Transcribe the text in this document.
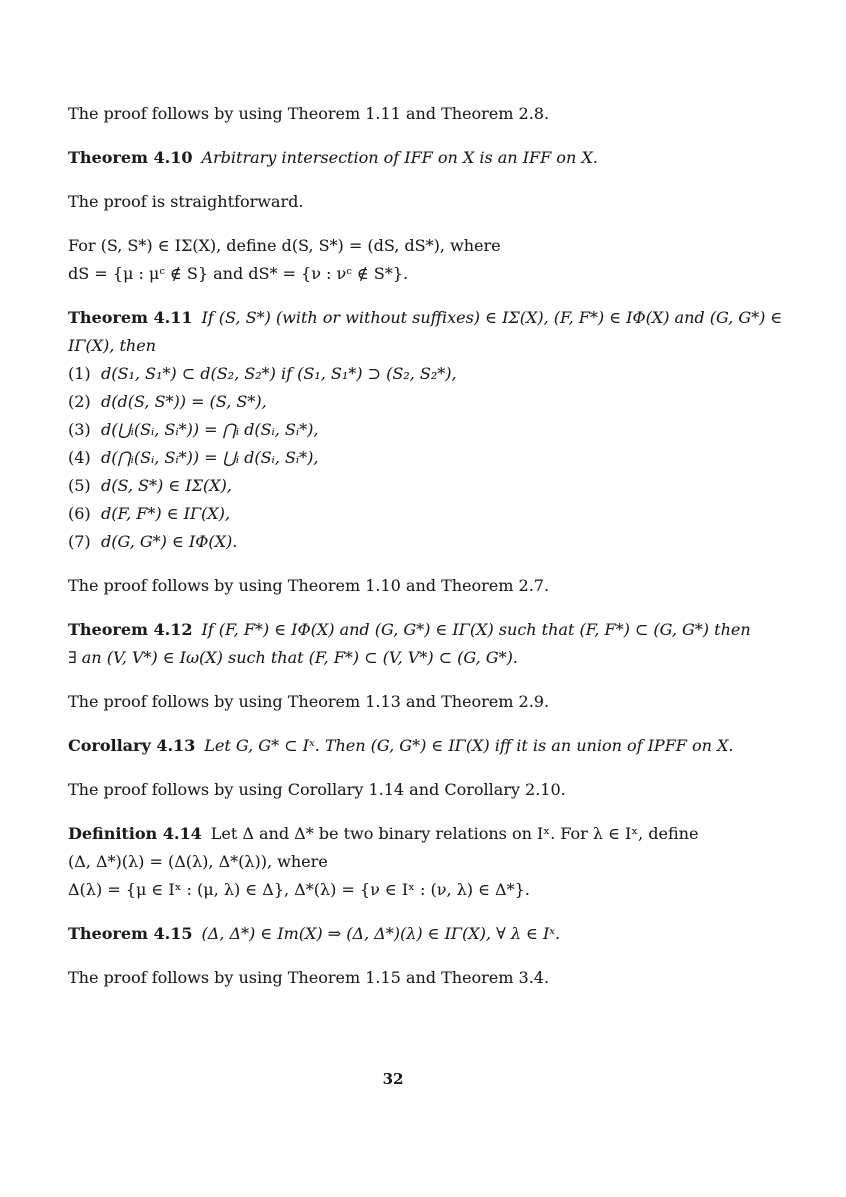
The proof follows by using Theorem 1.11 and Theorem 2.8.

Theorem 4.10 Arbitrary intersection of IFF on X is an IFF on X.

The proof is straightforward.

For (S, S*) ∈ IΣ(X), define d(S, S*) = (dS, dS*), where
dS = {μ : μᶜ ∉ S} and dS* = {ν : νᶜ ∉ S*}.
Theorem 4.11 If (S, S*) (with or without suffixes) ∈ IΣ(X), (F, F*) ∈ IΦ(X) and (G, G*) ∈
IΓ(X), then
(1) d(S₁, S₁*) ⊂ d(S₂, S₂*) if (S₁, S₁*) ⊃ (S₂, S₂*),
(2) d(d(S, S*)) = (S, S*),
(3) d(⋃ᵢ(Sᵢ, Sᵢ*)) = ⋂ᵢ d(Sᵢ, Sᵢ*),
(4) d(⋂ᵢ(Sᵢ, Sᵢ*)) = ⋃ᵢ d(Sᵢ, Sᵢ*),
(5) d(S, S*) ∈ IΣ(X),
(6) d(F, F*) ∈ IΓ(X),
(7) d(G, G*) ∈ IΦ(X).

The proof follows by using Theorem 1.10 and Theorem 2.7.

Theorem 4.12 If (F, F*) ∈ IΦ(X) and (G, G*) ∈ IΓ(X) such that (F, F*) ⊂ (G, G*) then
∃ an (V, V*) ∈ Iω(X) such that (F, F*) ⊂ (V, V*) ⊂ (G, G*).

The proof follows by using Theorem 1.13 and Theorem 2.9.

Corollary 4.13 Let G, G* ⊂ Iˣ. Then (G, G*) ∈ IΓ(X) iff it is an union of IPFF on X.

The proof follows by using Corollary 1.14 and Corollary 2.10.

Definition 4.14 Let Δ and Δ* be two binary relations on Iˣ. For λ ∈ Iˣ, define
(Δ, Δ*)(λ) = (Δ(λ), Δ*(λ)), where
Δ(λ) = {μ ∈ Iˣ : (μ, λ) ∈ Δ}, Δ*(λ) = {ν ∈ Iˣ : (ν, λ) ∈ Δ*}.

Theorem 4.15 (Δ, Δ*) ∈ Im(X) ⇒ (Δ, Δ*)(λ) ∈ IΓ(X), ∀ λ ∈ Iˣ.

The proof follows by using Theorem 1.15 and Theorem 3.4.

32
